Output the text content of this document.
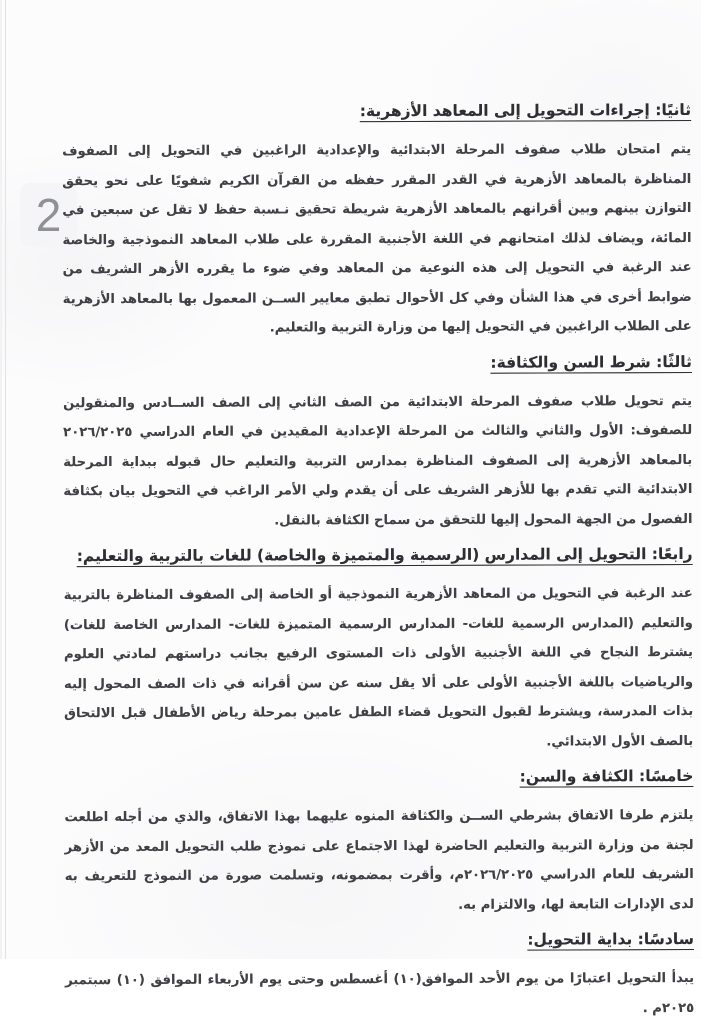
2
ثانيًا: إجراءات التحويل إلى المعاهد الأزهرية:

يتم امتحان طلاب صفوف المرحلة الابتدائية والإعدادية الراغبين في التحويل إلى الصفوف المناظرة بالمعاهد الأزهرية في القدر المقرر حفظه من القرآن الكريم شفويًا على نحو يحقق التوازن بينهم وبين أقرانهم بالمعاهد الأزهرية شريطة تحقيق نـسبة حفظ لا تقل عن سبعين في المائة، ويضاف لذلك امتحانهم في اللغة الأجنبية المقررة على طلاب المعاهد النموذجية والخاصة عند الرغبة في التحويل إلى هذه النوعية من المعاهد وفي ضوء ما يقرره الأزهر الشريف من ضوابط أخرى في هذا الشأن وفي كل الأحوال تطبق معايير الســن المعمول بها بالمعاهد الأزهرية على الطلاب الراغبين في التحويل إليها من وزارة التربية والتعليم.

ثالثًا: شرط السن والكثافة:

يتم تحويل طلاب صفوف المرحلة الابتدائية من الصف الثاني إلى الصف الســادس والمنقولين للصفوف: الأول والثاني والثالث من المرحلة الإعدادية المقيدين في العام الدراسي ٢٠٢٦/٢٠٢٥ بالمعاهد الأزهرية إلى الصفوف المناظرة بمدارس التربية والتعليم حال قبوله ببداية المرحلة الابتدائية التي تقدم بها للأزهر الشريف على أن يقدم ولي الأمر الراغب في التحويل بيان بكثافة الفصول من الجهة المحول إليها للتحقق من سماح الكثافة بالنقل.

رابعًا: التحويل إلى المدارس (الرسمية والمتميزة والخاصة) للغات بالتربية والتعليم:

عند الرغبة في التحويل من المعاهد الأزهرية النموذجية أو الخاصة إلى الصفوف المناظرة بالتربية والتعليم (المدارس الرسمية للغات- المدارس الرسمية المتميزة للغات- المدارس الخاصة للغات) يشترط النجاح في اللغة الأجنبية الأولى ذات المستوى الرفيع بجانب دراستهم لمادتي العلوم والرياضيات باللغة الأجنبية الأولى على ألا يقل سنه عن سن أقرانه في ذات الصف المحول إليه بذات المدرسة، ويشترط لقبول التحويل قضاء الطفل عامين بمرحلة رياض الأطفال قبل الالتحاق بالصف الأول الابتدائي.

خامسًا: الكثافة والسن:

يلتزم طرفا الاتفاق بشرطي الســن والكثافة المنوه عليهما بهذا الاتفاق، والذي من أجله اطلعت لجنة من وزارة التربية والتعليم الحاضرة لهذا الاجتماع على نموذج طلب التحويل المعد من الأزهر الشريف للعام الدراسي ٢٠٢٦/٢٠٢٥م، وأقرت بمضمونه، وتسلمت صورة من النموذج للتعريف به لدى الإدارات التابعة لها، والالتزام به.

سادسًا: بداية التحويل:

يبدأ التحويل اعتبارًا من يوم الأحد الموافق(١٠) أغسطس وحتى يوم الأربعاء الموافق (١٠) سبتمبر ٢٠٢٥م .
